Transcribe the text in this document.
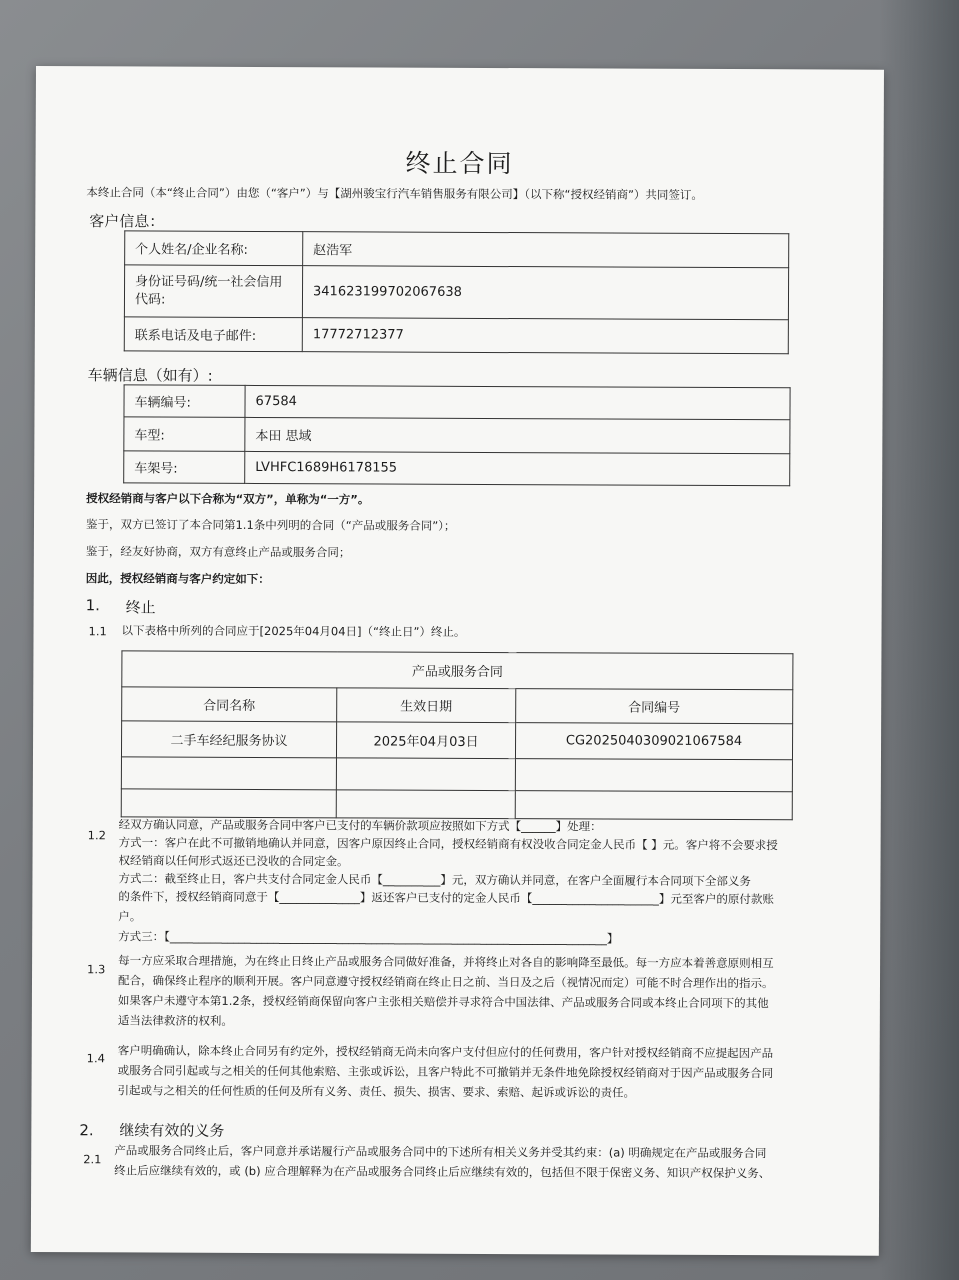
终止合同
本终止合同（本“终止合同”）由您（“客户”）与【湖州骏宝行汽车销售服务有限公司】（以下称“授权经销商”）共同签订。
客户信息：
个人姓名/企业名称:	赵浩军
身份证号码/统一社会信用代码:	341623199702067638
联系电话及电子邮件:	17772712377
车辆信息（如有）:
车辆编号:	67584
车型:	本田 思域
车架号:	LVHFC1689H6178155
授权经销商与客户以下合称为“双方”，单称为“一方”。
鉴于，双方已签订了本合同第1.1条中列明的合同（“产品或服务合同”）；
鉴于，经友好协商，双方有意终止产品或服务合同；
因此，授权经销商与客户约定如下：
1. 终止
1.1 以下表格中所列的合同应于[2025年04月04日]（“终止日”）终止。
产品或服务合同		
合同名称	生效日期	合同编号
二手车经纪服务协议	2025年04月03日	CG2025040309021067584

1.2
经双方确认同意，产品或服务合同中客户已支付的车辆价款项应按照如下方式【______】处理：
方式一：客户在此不可撤销地确认并同意，因客户原因终止合同，授权经销商有权没收合同定金人民币【 】元。客户将不会要求授
权经销商以任何形式返还已没收的合同定金。
方式二：截至终止日，客户共支付合同定金人民币【__________】元，双方确认并同意，在客户全面履行本合同项下全部义务
的条件下，授权经销商同意于【______________】返还客户已支付的定金人民币【______________________】元至客户的原付款账
户。
方式三：【____________________________________________________________________________】
1.3 每一方应采取合理措施，为在终止日终止产品或服务合同做好准备，并将终止对各自的影响降至最低。每一方应本着善意原则相互
配合，确保终止程序的顺利开展。客户同意遵守授权经销商在终止日之前、当日及之后（视情况而定）可能不时合理作出的指示。
如果客户未遵守本第1.2条，授权经销商保留向客户主张相关赔偿并寻求符合中国法律、产品或服务合同或本终止合同项下的其他
适当法律救济的权利。
1.4 客户明确确认，除本终止合同另有约定外，授权经销商无尚未向客户支付但应付的任何费用，客户针对授权经销商不应提起因产品
或服务合同引起或与之相关的任何其他索赔、主张或诉讼，且客户特此不可撤销并无条件地免除授权经销商对于因产品或服务合同
引起或与之相关的任何性质的任何及所有义务、责任、损失、损害、要求、索赔、起诉或诉讼的责任。
2. 继续有效的义务
2.1 产品或服务合同终止后，客户同意并承诺履行产品或服务合同中的下述所有相关义务并受其约束：(a) 明确规定在产品或服务合同
终止后应继续有效的，或 (b) 应合理解释为在产品或服务合同终止后应继续有效的，包括但不限于保密义务、知识产权保护义务、
